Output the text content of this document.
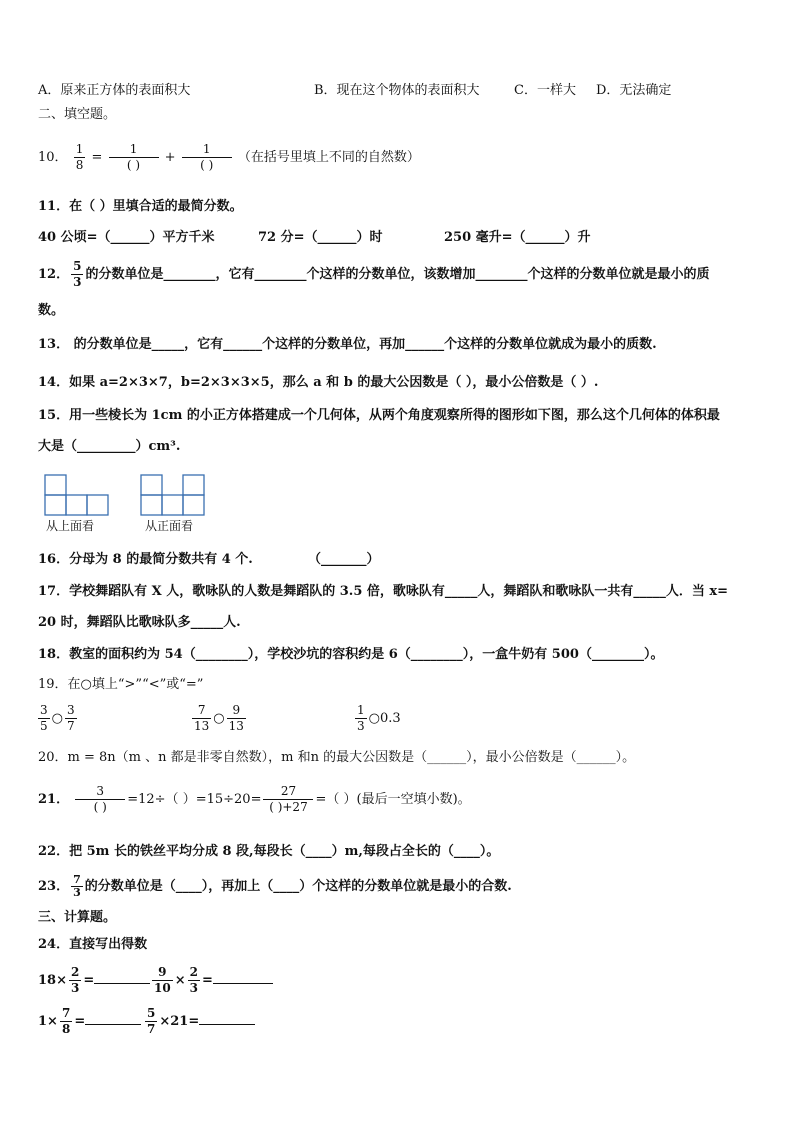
A．原来正方体的表面积大	B．现在这个物体的表面积大	C．一样大 D．无法确定
二、填空题。
10． $\frac{1}{8} = \frac{1}{( )} + \frac{1}{( )}$ （在括号里填上不同的自然数）
11．在（ ）里填合适的最简分数。
40 公顷=（______）平方千米	72 分=（______）时	250 毫升=（______）升
12． $\frac{5}{3}$ 的分数单位是________，它有________个这样的分数单位，该数增加________个这样的分数单位就是最小的质
数。
13． 的分数单位是_____，它有______个这样的分数单位，再加______个这样的分数单位就成为最小的质数.
14．如果 a=2×3×7，b=2×3×3×5，那么 a 和 b 的最大公因数是（ ），最小公倍数是（ ）.
15．用一些棱长为 1cm 的小正方体搭建成一个几何体，从两个角度观察所得的图形如下图，那么这个几何体的体积最
大是（_________）cm³.
从上面看	从正面看
16．分母为 8 的最简分数共有 4 个.	（_______）
17．学校舞蹈队有 X 人，歌咏队的人数是舞蹈队的 3.5 倍，歌咏队有_____人，舞蹈队和歌咏队一共有_____人．当 x=
20 时，舞蹈队比歌咏队多_____人.
18．教室的面积约为 54（________），学校沙坑的容积约是 6（________），一盒牛奶有 500（________）。
19．在○填上“>”“<”或“=”
$\frac{3}{5}$ ○ $\frac{3}{7}$	$\frac{7}{13}$ ○ $\frac{9}{13}$	$\frac{1}{3}$ ○0.3
20．m = 8n（m 、n 都是非零自然数），m 和n 的最大公因数是（______），最小公倍数是（______）。
21． $\frac{3}{( )} =12\div$（ ）$=15\div 20= \frac{27}{( )+27}$ =（ ）(最后一空填小数)。
22．把 5m 长的铁丝平均分成 8 段,每段长（____）m,每段占全长的（____）。
23． $\frac{7}{3}$ 的分数单位是（____），再加上（____）个这样的分数单位就是最小的合数.
三、计算题。
24．直接写出得数
$18\times \frac{2}{3}$ =	$\frac{9}{10} \times \frac{2}{3}$ =
$1\times \frac{7}{8}$ =	$\frac{5}{7} \times 21=$
